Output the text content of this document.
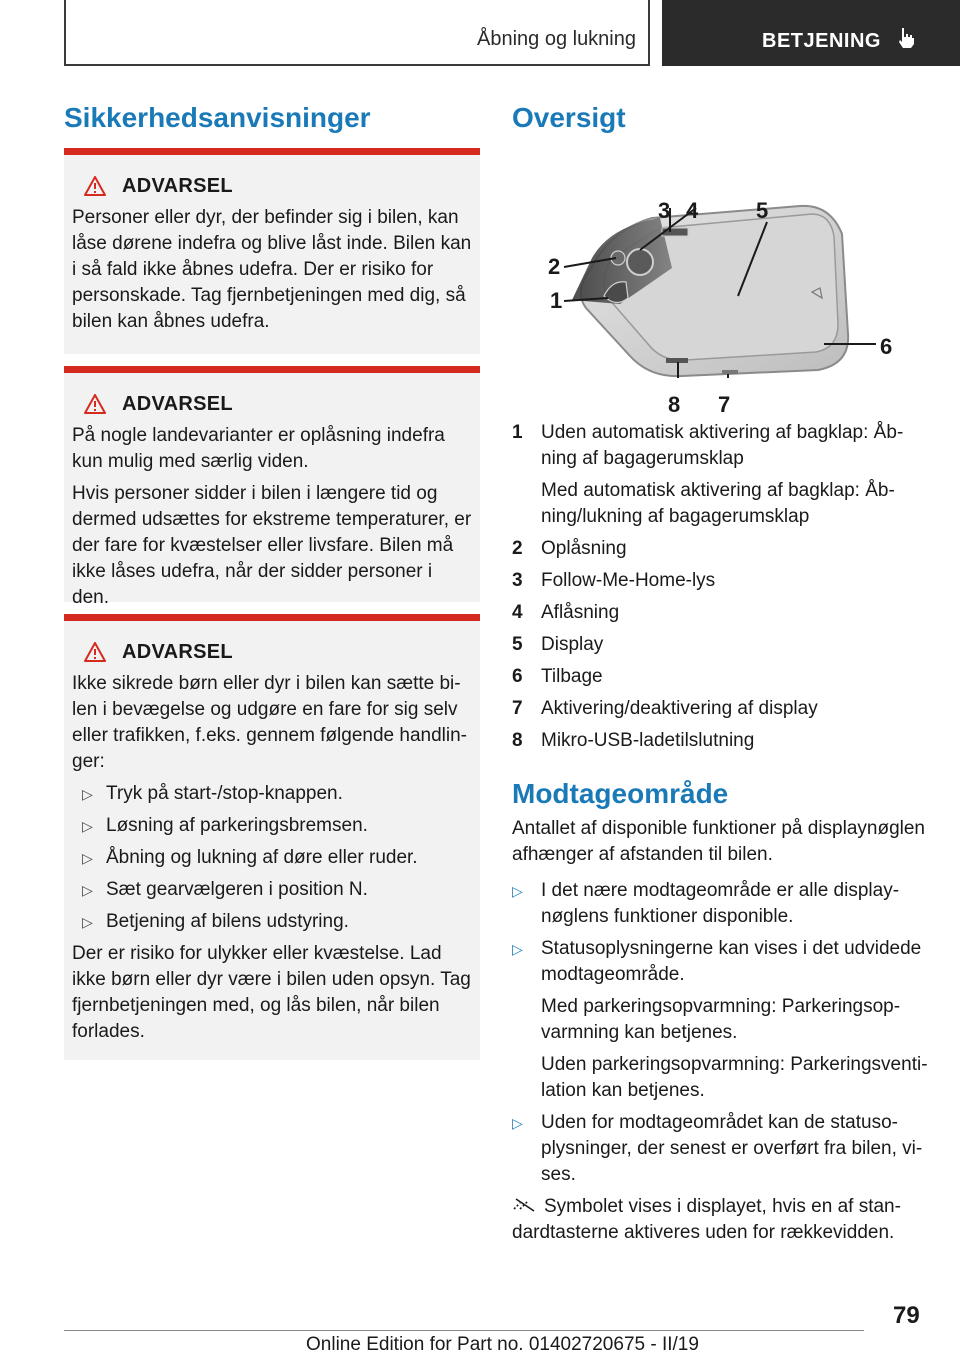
Åbning og lukning	BETJENING
Sikkerhedsanvisninger
ADVARSEL
Personer eller dyr, der befinder sig i bilen, kan låse dørene indefra og blive låst inde. Bilen kan i så fald ikke åbnes udefra. Der er risiko for personskade. Tag fjernbetjeningen med dig, så bilen kan åbnes udefra.
ADVARSEL
På nogle landevarianter er oplåsning indefra kun mulig med særlig viden.
Hvis personer sidder i bilen i længere tid og dermed udsættes for ekstreme temperaturer, er der fare for kvæstelser eller livsfare. Bilen må ikke låses udefra, når der sidder personer i den.
ADVARSEL
Ikke sikrede børn eller dyr i bilen kan sætte bilen i bevægelse og udgøre en fare for sig selv eller trafikken, f.eks. gennem følgende handlinger:
▷ Tryk på start-/stop-knappen.
▷ Løsning af parkeringsbremsen.
▷ Åbning og lukning af døre eller ruder.
▷ Sæt gearvælgeren i position N.
▷ Betjening af bilens udstyring.
Der er risiko for ulykker eller kvæstelse. Lad ikke børn eller dyr være i bilen uden opsyn. Tag fjernbetjeningen med, og lås bilen, når bilen forlades.
Oversigt
1
2
3 4	5
6
7
8
1 Uden automatisk aktivering af bagklap: Åbning af bagagerumsklap
Med automatisk aktivering af bagklap: Åbning/lukning af bagagerumsklap
2 Oplåsning
3 Follow-Me-Home-lys
4 Aflåsning
5 Display
6 Tilbage
7 Aktivering/deaktivering af display
8 Mikro-USB-ladetilslutning
Modtageområde
Antallet af disponible funktioner på displaynøglen afhænger af afstanden til bilen.
▷ I det nære modtageområde er alle displaynøglens funktioner disponible.
▷ Statusoplysningerne kan vises i det udvidede modtageområde.
Med parkeringsopvarmning: Parkeringsopvarmning kan betjenes.
Uden parkeringsopvarmning: Parkeringsventilation kan betjenes.
▷ Uden for modtageområdet kan de statusoplysninger, der senest er overført fra bilen, vises.
Symbolet vises i displayet, hvis en af standardtasterne aktiveres uden for rækkevidden.
79
Online Edition for Part no. 01402720675 - II/19
